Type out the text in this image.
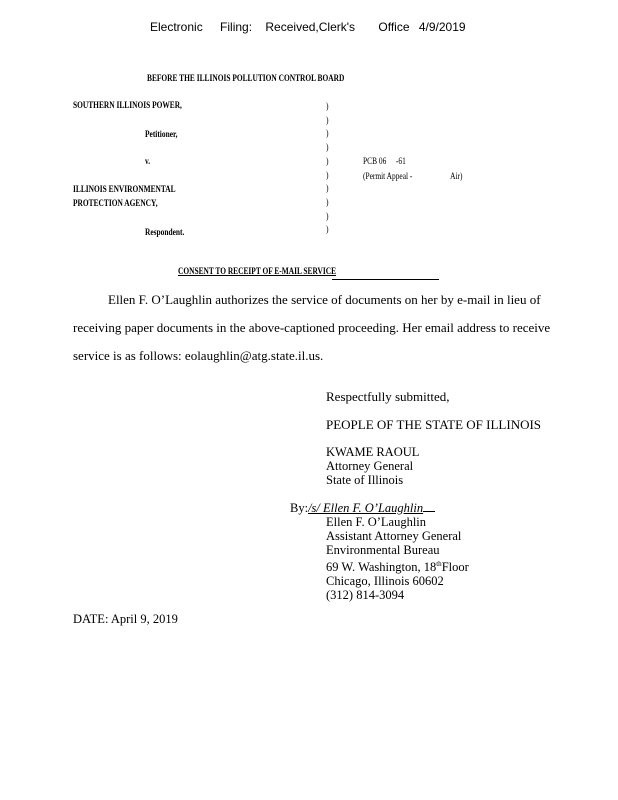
Electronic Filing: Received,Clerk's Office 4/9/2019
BEFORE THE ILLINOIS POLLUTION CONTROL BOARD
SOUTHERN ILLINOIS POWER,
Petitioner,
v.
ILLINOIS ENVIRONMENTAL
PROTECTION AGENCY,
Respondent.
)
)
)
)
)
)
)
)
)
)
PCB 06 -61
(Permit Appeal -	Air)
CONSENT TO RECEIPT OF E-MAIL SERVICE
Ellen F. O’Laughlin authorizes the service of documents on her by e-mail in lieu of
receiving paper documents in the above-captioned proceeding. Her email address to receive
service is as follows: eolaughlin@atg.state.il.us.
Respectfully submitted,
PEOPLE OF THE STATE OF ILLINOIS
KWAME RAOUL
Attorney General
State of Illinois
By:/s/ Ellen F. O’Laughlin
Ellen F. O’Laughlin
Assistant Attorney General
Environmental Bureau
69 W. Washington, 18thFloor
Chicago, Illinois 60602
(312) 814-3094
DATE: April 9, 2019
